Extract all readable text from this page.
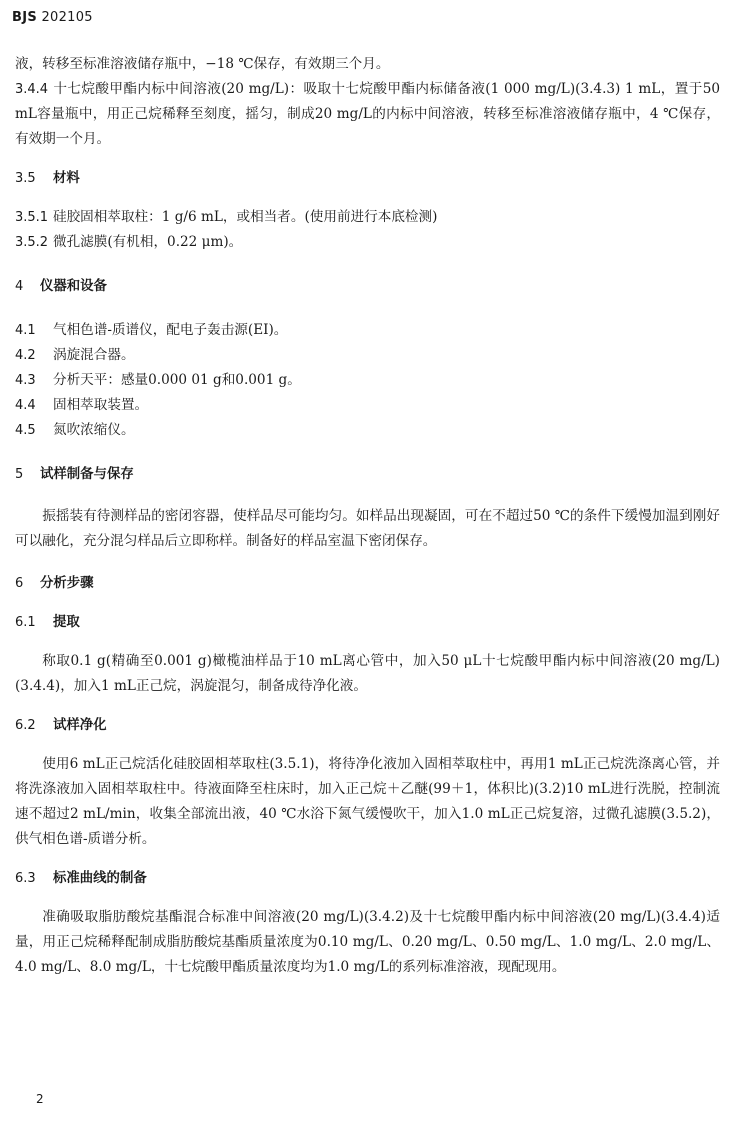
BJS 202105

液，转移至标准溶液储存瓶中，−18 ℃保存，有效期三个月。

3.4.4 十七烷酸甲酯内标中间溶液(20 mg/L)：吸取十七烷酸甲酯内标储备液(1 000 mg/L)(3.4.3) 1 mL，置于50 mL容量瓶中，用正己烷稀释至刻度，摇匀，制成20 mg/L的内标中间溶液，转移至标准溶液储存瓶中，4 ℃保存，有效期一个月。

3.5 材料

3.5.1 硅胶固相萃取柱：1 g/6 mL，或相当者。(使用前进行本底检测)

3.5.2 微孔滤膜(有机相，0.22 μm)。

4 仪器和设备

4.1 气相色谱-质谱仪，配电子轰击源(EI)。

4.2 涡旋混合器。

4.3 分析天平：感量0.000 01 g和0.001 g。

4.4 固相萃取装置。

4.5 氮吹浓缩仪。

5 试样制备与保存

振摇装有待测样品的密闭容器，使样品尽可能均匀。如样品出现凝固，可在不超过50 ℃的条件下缓慢加温到刚好可以融化，充分混匀样品后立即称样。制备好的样品室温下密闭保存。

6 分析步骤
6.1 提取

称取0.1 g(精确至0.001 g)橄榄油样品于10 mL离心管中，加入50 μL十七烷酸甲酯内标中间溶液(20 mg/L)(3.4.4)，加入1 mL正己烷，涡旋混匀，制备成待净化液。

6.2 试样净化

使用6 mL正己烷活化硅胶固相萃取柱(3.5.1)，将待净化液加入固相萃取柱中，再用1 mL正己烷洗涤离心管，并将洗涤液加入固相萃取柱中。待液面降至柱床时，加入正己烷＋乙醚(99＋1，体积比)(3.2)10 mL进行洗脱，控制流速不超过2 mL/min，收集全部流出液，40 ℃水浴下氮气缓慢吹干，加入1.0 mL正己烷复溶，过微孔滤膜(3.5.2)，供气相色谱-质谱分析。

6.3 标准曲线的制备

准确吸取脂肪酸烷基酯混合标准中间溶液(20 mg/L)(3.4.2)及十七烷酸甲酯内标中间溶液(20 mg/L)(3.4.4)适量，用正己烷稀释配制成脂肪酸烷基酯质量浓度为0.10 mg/L、0.20 mg/L、0.50 mg/L、1.0 mg/L、2.0 mg/L、4.0 mg/L、8.0 mg/L，十七烷酸甲酯质量浓度均为1.0 mg/L的系列标准溶液，现配现用。

2
